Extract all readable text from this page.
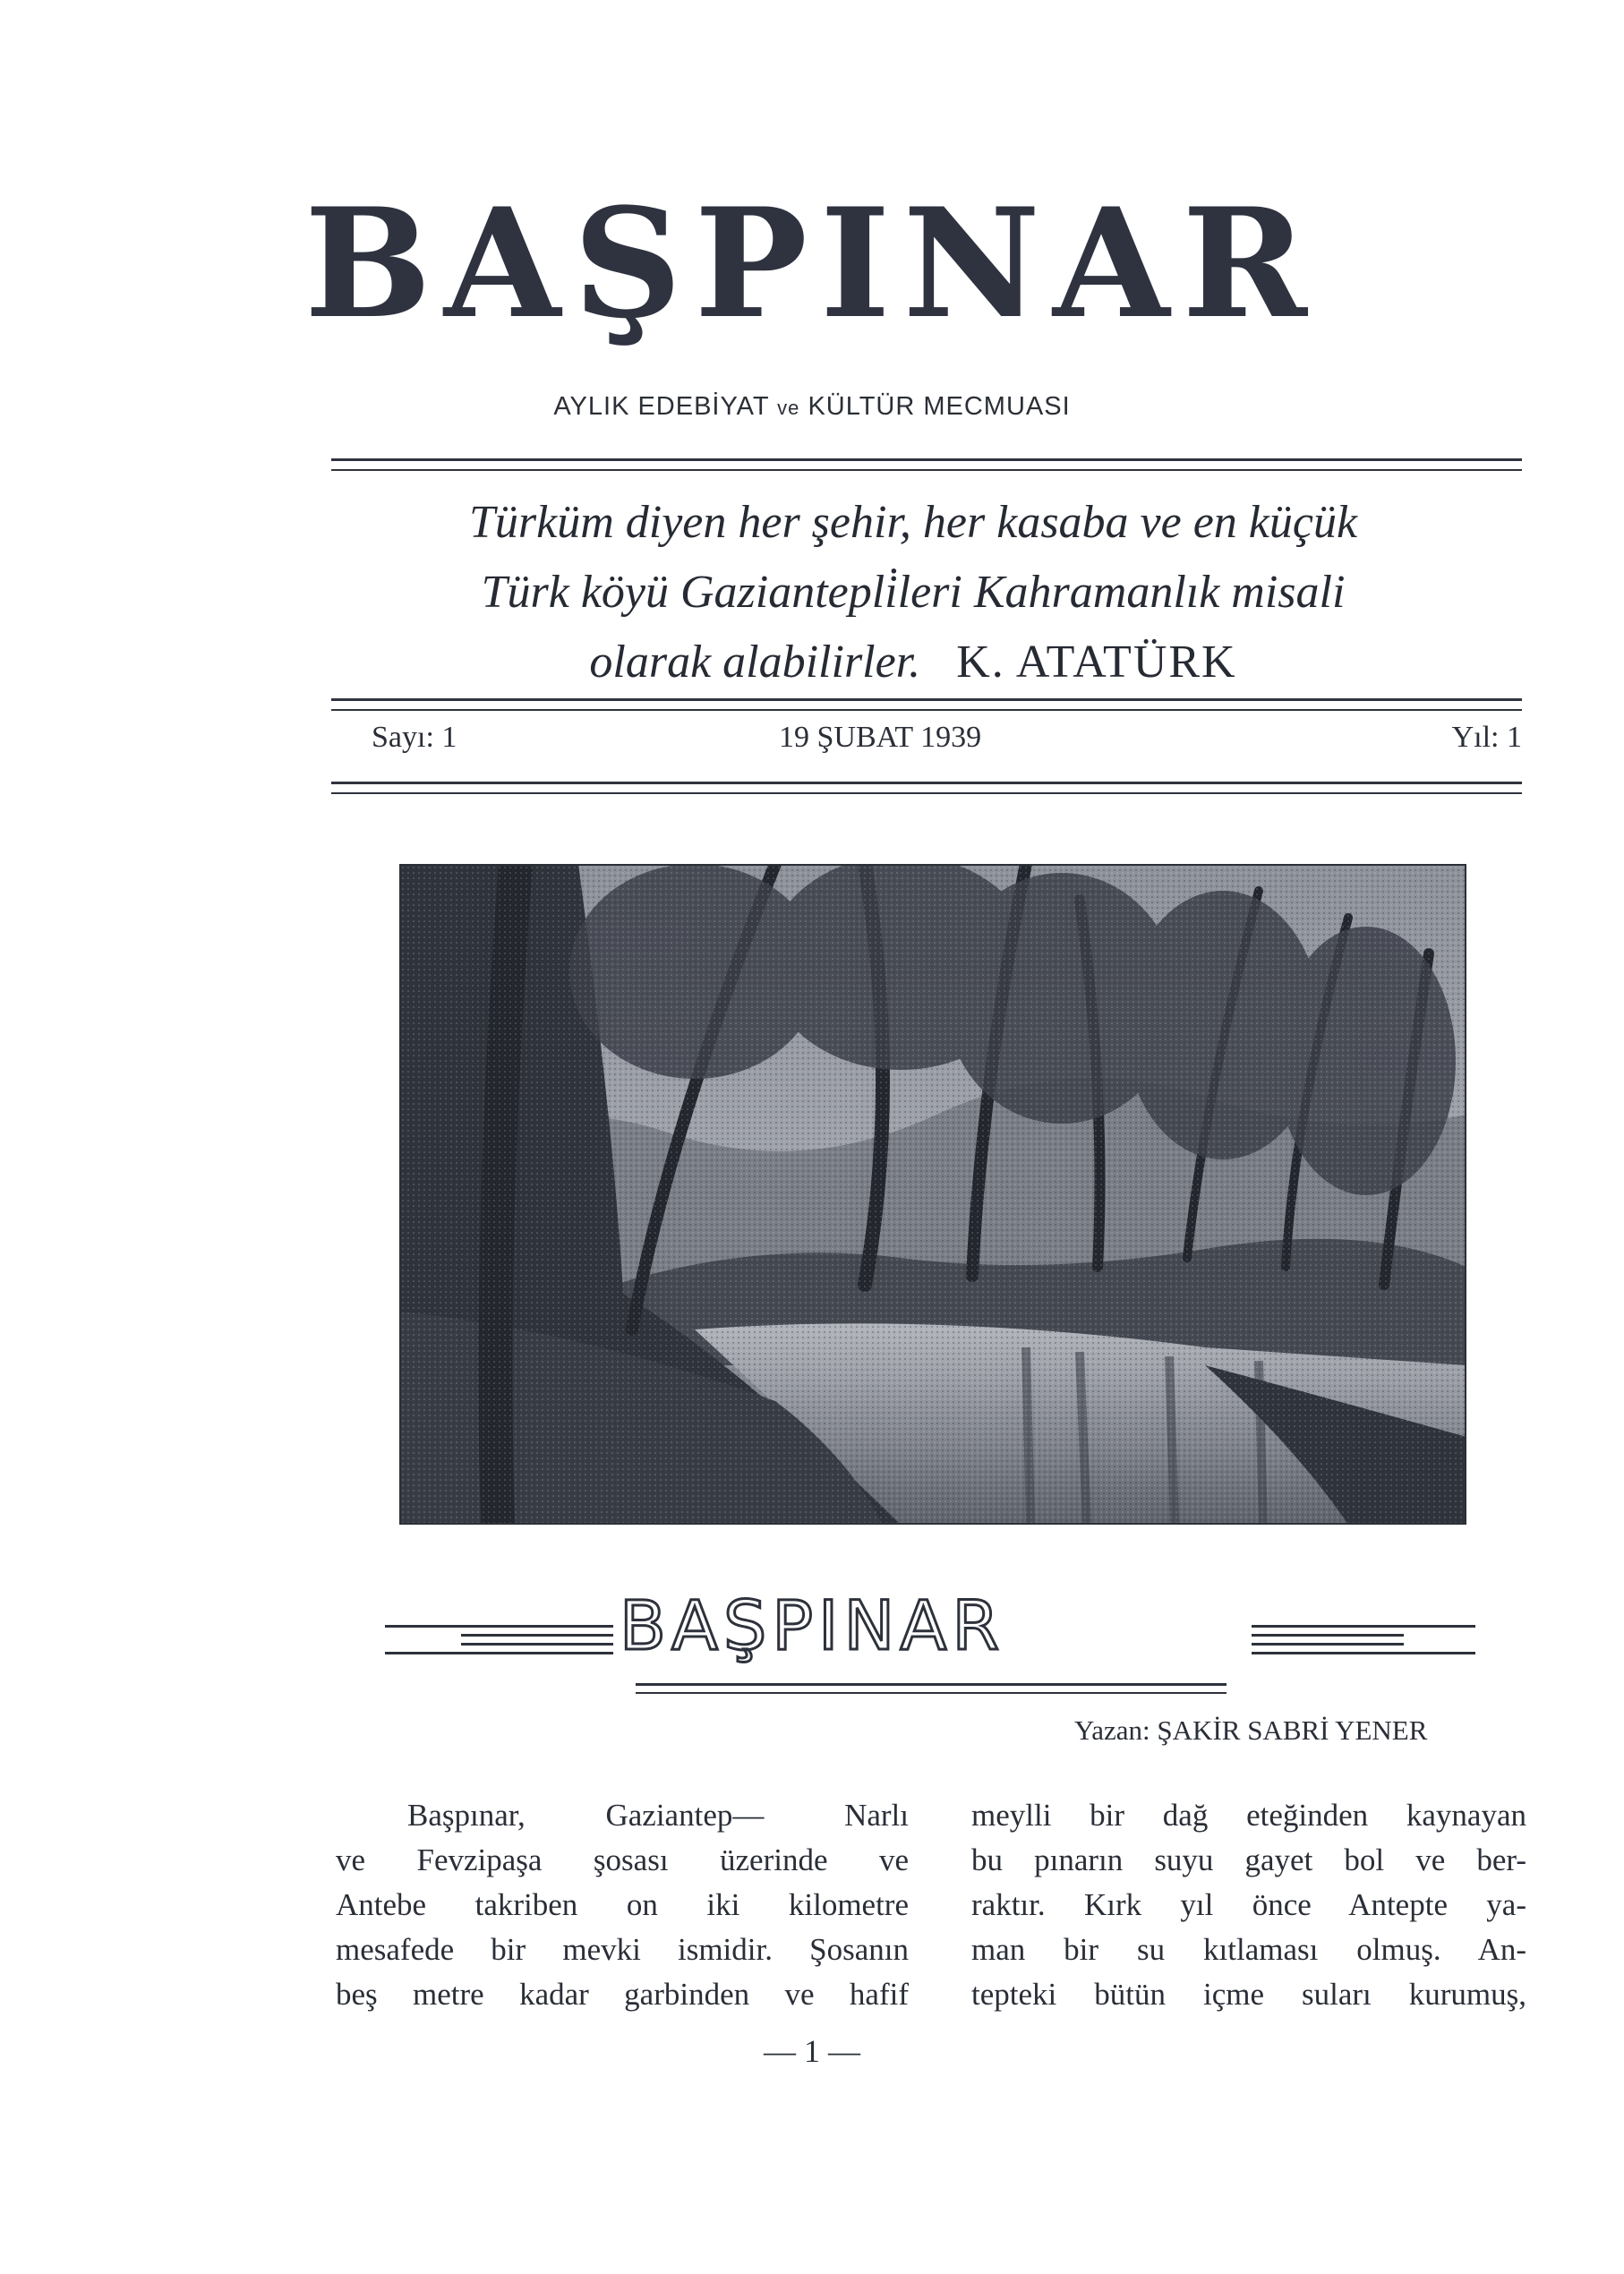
BAŞPINAR
AYLIK EDEBİYAT ve KÜLTÜR MECMUASI
Türküm diyen her şehir, her kasaba ve en küçük
Türk köyü Gaziantepli̇leri Kahramanlık misali
olarak alabilirler. K. ATATÜRK
Sayı: 1	19 ŞUBAT 1939	Yıl: 1
BAŞPINAR
Yazan: ŞAKİR SABRİ YENER
Başpınar, Gaziantep— Narlı
ve Fevzipaşa şosası üzerinde ve
Antebe takriben on iki kilometre
mesafede bir mevki ismidir. Şosanın
beş metre kadar garbinden ve hafif
meylli bir dağ eteğinden kaynayan
bu pınarın suyu gayet bol ve ber-
raktır. Kırk yıl önce Antepte ya-
man bir su kıtlaması olmuş. An-
tepteki bütün içme suları kurumuş,
— 1 —
